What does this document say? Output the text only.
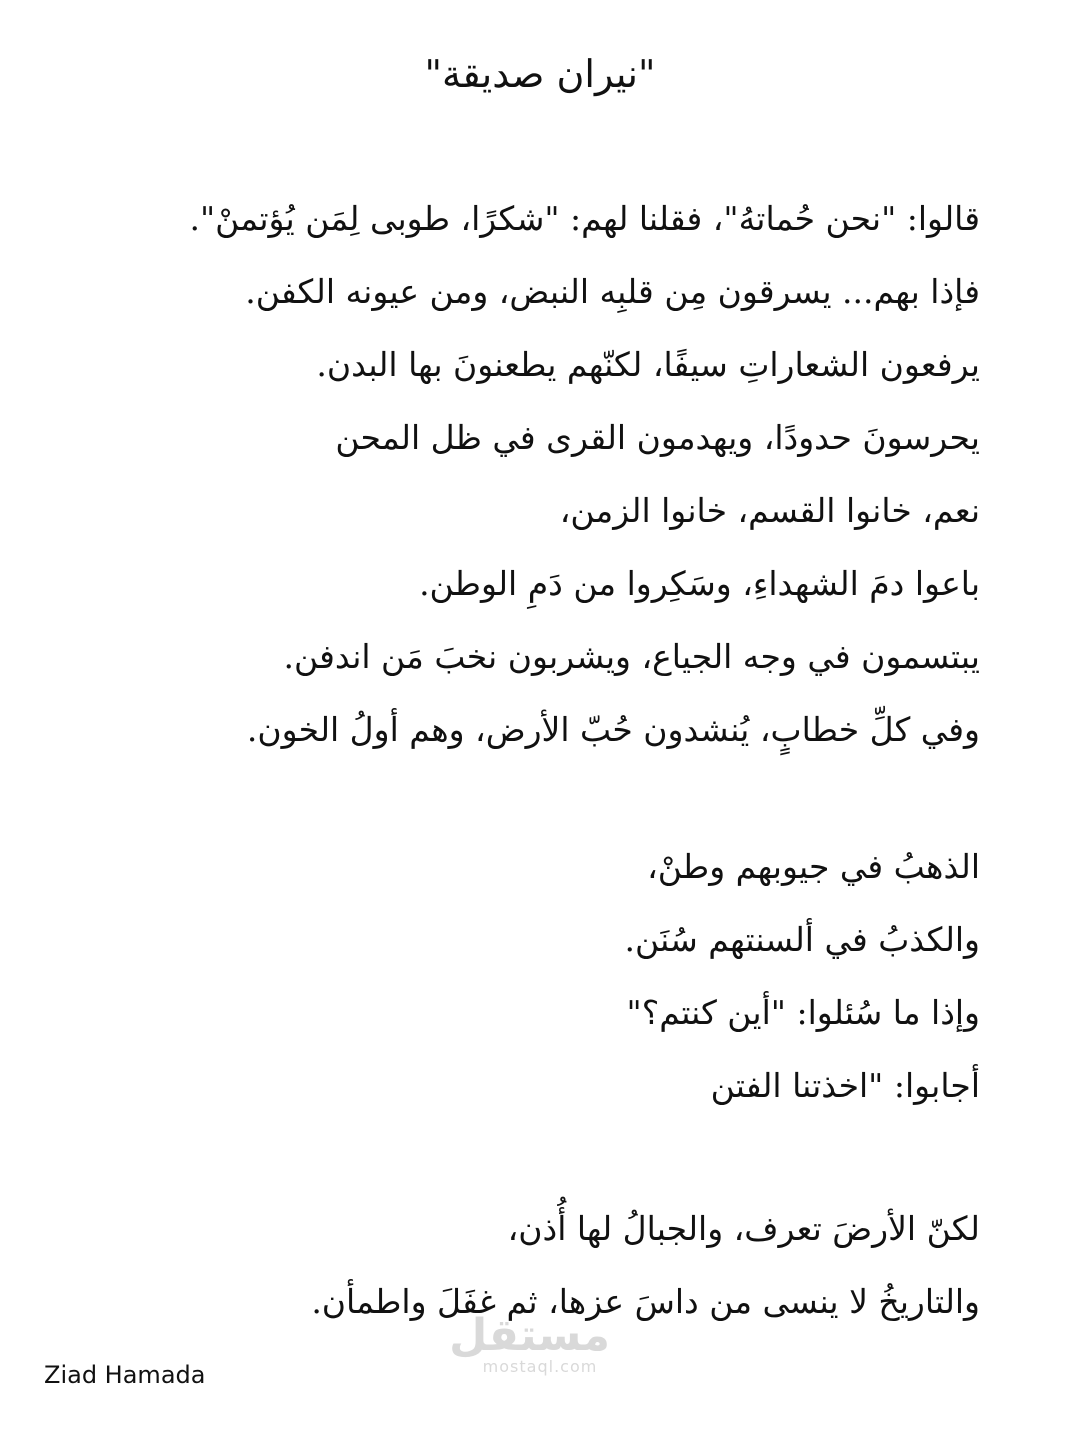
"نيران صديقة"
قالوا: "نحن حُماتهُ"، فقلنا لهم: "شكرًا، طوبى لِمَن يُؤتمنْ".
فإذا بهم... يسرقون مِن قلبِه النبض، ومن عيونه الكفن.
يرفعون الشعاراتِ سيفًا، لكنّهم يطعنونَ بها البدن.
يحرسونَ حدودًا، ويهدمون القرى في ظل المحن
نعم، خانوا القسم، خانوا الزمن،
باعوا دمَ الشهداءِ، وسَكِروا من دَمِ الوطن.
يبتسمون في وجه الجياع، ويشربون نخبَ مَن اندفن.
وفي كلِّ خطابٍ، يُنشدون حُبّ الأرض، وهم أولُ الخون.
الذهبُ في جيوبهم وطنْ،
والكذبُ في ألسنتهم سُنَن.
وإذا ما سُئلوا: "أين كنتم؟"
أجابوا: "اخذتنا الفتن
لكنّ الأرضَ تعرف، والجبالُ لها أُذن،
والتاريخُ لا ينسى من داسَ عزها، ثم غفَلَ واطمأن.
مستقل
mostaql.com
Ziad Hamada
